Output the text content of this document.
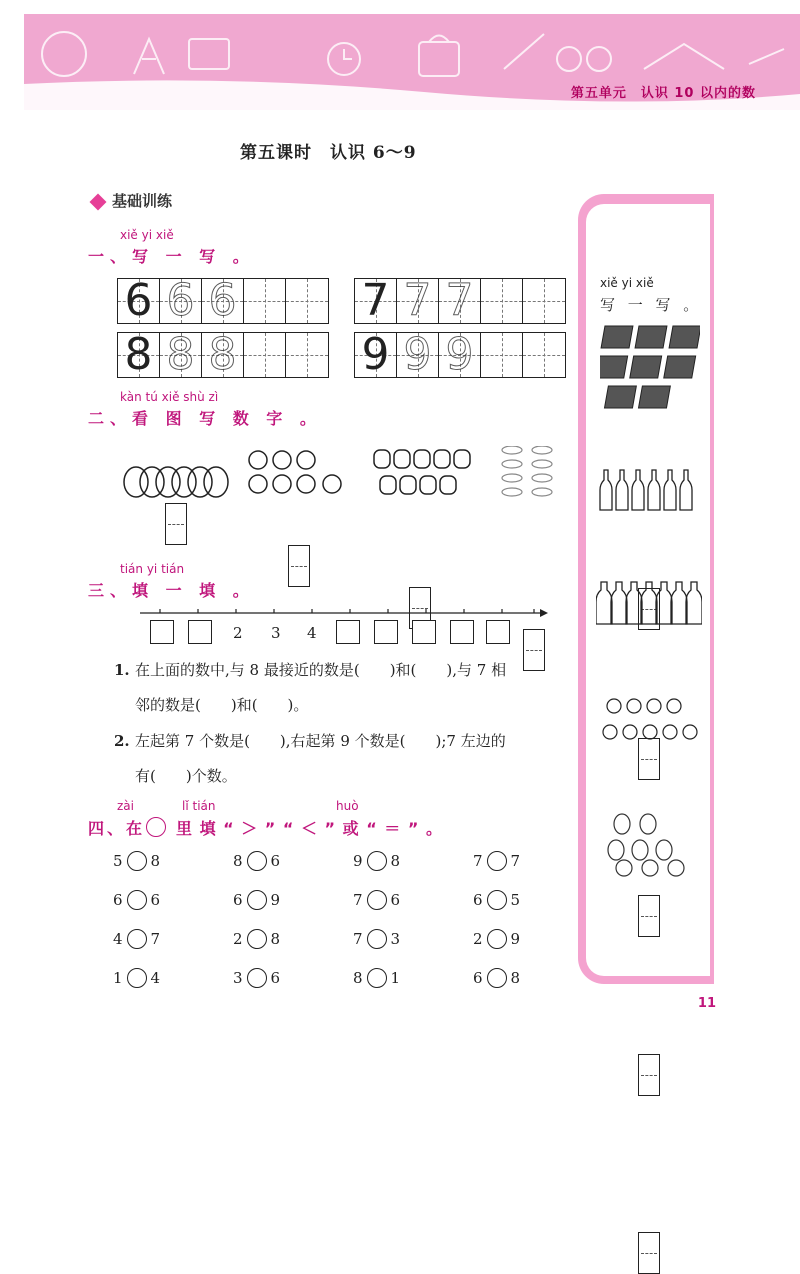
第五单元　认识 10 以内的数
第五课时　认识 6～9
基础训练
xiě yi xiě
一、写 一 写 。
6 6 6	7 7 7
8 8 8	9 9 9
kàn tú xiě shù zì
二、看 图 写 数 字 。
tián yi tián
三、填 一 填 。
2 3 4
1. 在上面的数中,与 8 最接近的数是(　　)和(　　),与 7 相
邻的数是(　　)和(　　)。
2. 左起第 7 个数是(　　),右起第 9 个数是(　　);7 左边的
有(　　)个数。
zài	lǐ tián	huò
四、在 里 填 “ ＞ ” “ ＜ ” 或 “ ＝ ” 。
5 8	8 6	9 8	7 7
6 6	6 9	7 6	6 5
4 7	2 8	7 3	2 9
1 4	3 6	8 1	6 8
xiě yi xiě
写 一 写 。
11
